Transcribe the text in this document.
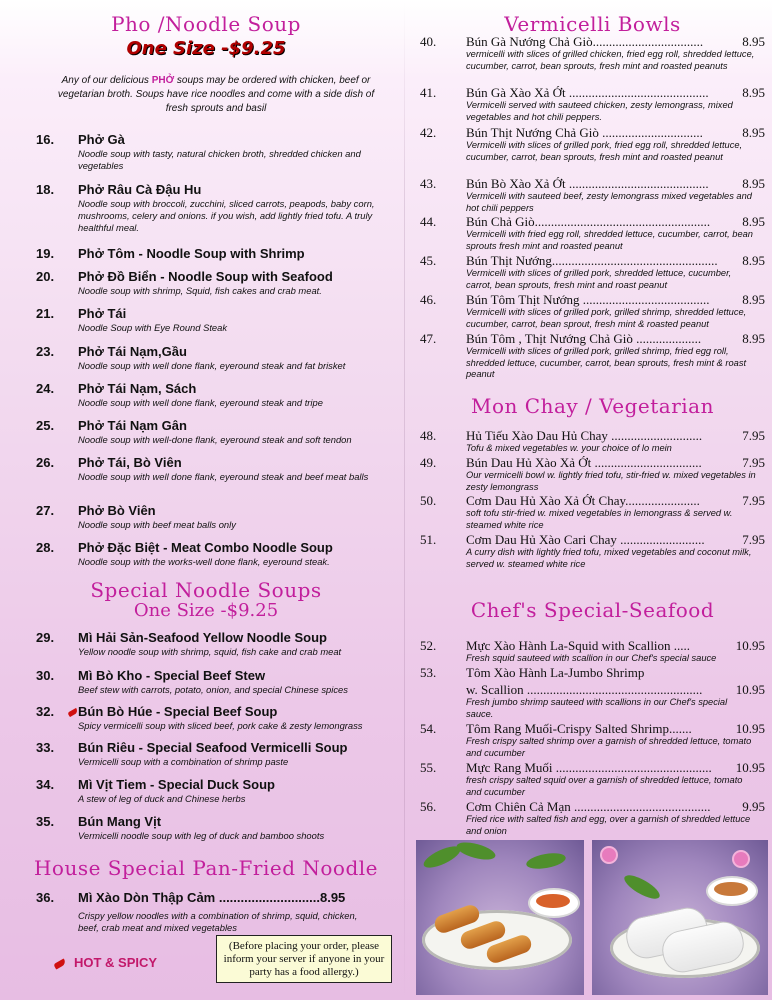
Pho /Noodle Soup
One Size -$9.25
Any of our delicious PHỞ soups may be ordered with chicken, beef or vegetarian broth. Soups have rice noodles and come with a side dish of fresh sprouts and basil
16. Phở Gà
Noodle soup with tasty, natural chicken broth, shredded chicken and vegetables
18. Phở Râu Cà Đậu Hu
Noodle soup with broccoli, zucchini, sliced carrots, peapods, baby corn, mushrooms, celery and onions. if you wish, add lightly fried tofu. A truly healthful meal.
19. Phở Tôm - Noodle Soup with Shrimp
20. Phở Đồ Biển - Noodle Soup with Seafood
Noodle soup with shrimp, Squid, fish cakes and crab meat.
21. Phở Tái
Noodle Soup with Eye Round Steak
23. Phở Tái Nạm,Gầu
Noodle soup with well done flank, eyeround steak and fat brisket
24. Phở Tái Nạm, Sách
Noodle soup with well done flank, eyeround steak and tripe
25. Phở Tái Nạm Gân
Noodle soup with well-done flank, eyeround steak and soft tendon
26. Phở Tái, Bò Viên
Noodle soup with well done flank, eyeround steak and beef meat balls
27. Phở Bò Viên
Noodle soup with beef meat balls only
28. Phở Đặc Biệt - Meat Combo Noodle Soup
Noodle soup with the works-well done flank, eyeround steak.
Special Noodle Soups
One Size -$9.25
29. Mì Hải Sản-Seafood Yellow Noodle Soup
Yellow noodle soup with shrimp, squid, fish cake and crab meat
30. Mì Bò Kho - Special Beef Stew
Beef stew with carrots, potato, onion, and special Chinese spices
32. Bún Bò Húe - Special Beef Soup
Spicy vermicelli soup with sliced beef, pork cake & zesty lemongrass
33. Bún Riêu - Special Seafood Vermicelli Soup
Vermicelli soup with a combination of shrimp paste
34. Mì Vịt Tiem - Special Duck Soup
A stew of leg of duck and Chinese herbs
35. Bún Mang Vịt
Vermicelli noodle soup with leg of duck and bamboo shoots
House Special Pan-Fried Noodle
36. Mì Xào Dòn Thập Cảm ............................8.95
Crispy yellow noodles with a combination of shrimp, squid, chicken, beef, crab meat and mixed vegetables
HOT & SPICY
(Before placing your order, please inform your server if anyone in your party has a food allergy.)
Vermicelli Bowls
40. Bún Gà Nướng Chả Giò..................................	8.95
vermicelli with slices of grilled chicken, fried egg roll, shredded lettuce, cucumber, carrot, bean sprouts, fresh mint and roasted peanuts
41. Bún Gà Xào Xả Ớt ...........................................	8.95
Vermicelli served with sauteed chicken, zesty lemongrass, mixed vegetables and hot chili peppers.
42. Bún Thịt Nướng Chả Giò ...............................	8.95
Vermicelli with slices of grilled pork, fried egg roll, shredded lettuce, cucumber, carrot, bean sprouts, fresh mint and roasted peanut
43. Bún Bò Xào Xả Ớt ...........................................	8.95
Vermicelli with sauteed beef, zesty lemongrass mixed vegetables and hot chili peppers
44. Bún Chả Giò......................................................	8.95
Vermicelli with fried egg roll, shredded lettuce, cucumber, carrot, bean sprouts fresh mint and roasted peanut
45. Bún Thịt Nướng...................................................	8.95
Vermicelli with slices of grilled pork, shredded lettuce, cucumber, carrot, bean sprouts, fresh mint and roast peanut
46. Bún Tôm Thịt Nướng .......................................	8.95
Vermicelli with slices of grilled pork, grilled shrimp, shredded lettuce, cucumber, carrot, bean sprout, fresh mint & roasted peanut
47. Bún Tôm , Thịt Nướng Chả Giò ....................	8.95
Vermicelli with slices of grilled pork, grilled shrimp, fried egg roll, shredded lettuce, cucumber, carrot, bean sprouts, fresh mint & roast peanut
Mon Chay / Vegetarian
48. Hủ Tiếu Xào Dau Hủ Chay ............................	7.95
Tofu & mixed vegetables w. your choice of lo mein
49. Bún Dau Hủ Xào Xả Ớt .................................	7.95
Our vermicelli bowl w. lightly fried tofu, stir-fried w. mixed vegetables in zesty lemongrass
50. Cơm Dau Hủ Xào Xả Ớt Chay.......................	7.95
soft tofu stir-fried w. mixed vegetables in lemongrass & served w. steamed white rice
51. Cơm Dau Hủ Xào Cari Chay ..........................	7.95
A curry dish with lightly fried tofu, mixed vegetables and coconut milk, served w. steamed white rice
Chef's Special-Seafood
52. Mực Xào Hành La-Squid with Scallion .....	10.95
Fresh squid sauteed with scallion in our Chef's special sauce
53. Tôm Xào Hành La-Jumbo Shrimp
w. Scallion ......................................................	10.95
Fresh jumbo shrimp sauteed with scallions in our Chef's special sauce.
54. Tôm Rang Muối-Crispy Salted Shrimp.......	10.95
Fresh crispy salted shrimp over a garnish of shredded lettuce, tomato and cucumber
55. Mực Rang Muối ................................................	10.95
fresh crispy salted squid over a garnish of shredded lettuce, tomato and cucumber
56. Cơm Chiên Cả Mạn ..........................................	9.95
Fried rice with salted fish and egg, over a garnish of shredded lettuce and onion
